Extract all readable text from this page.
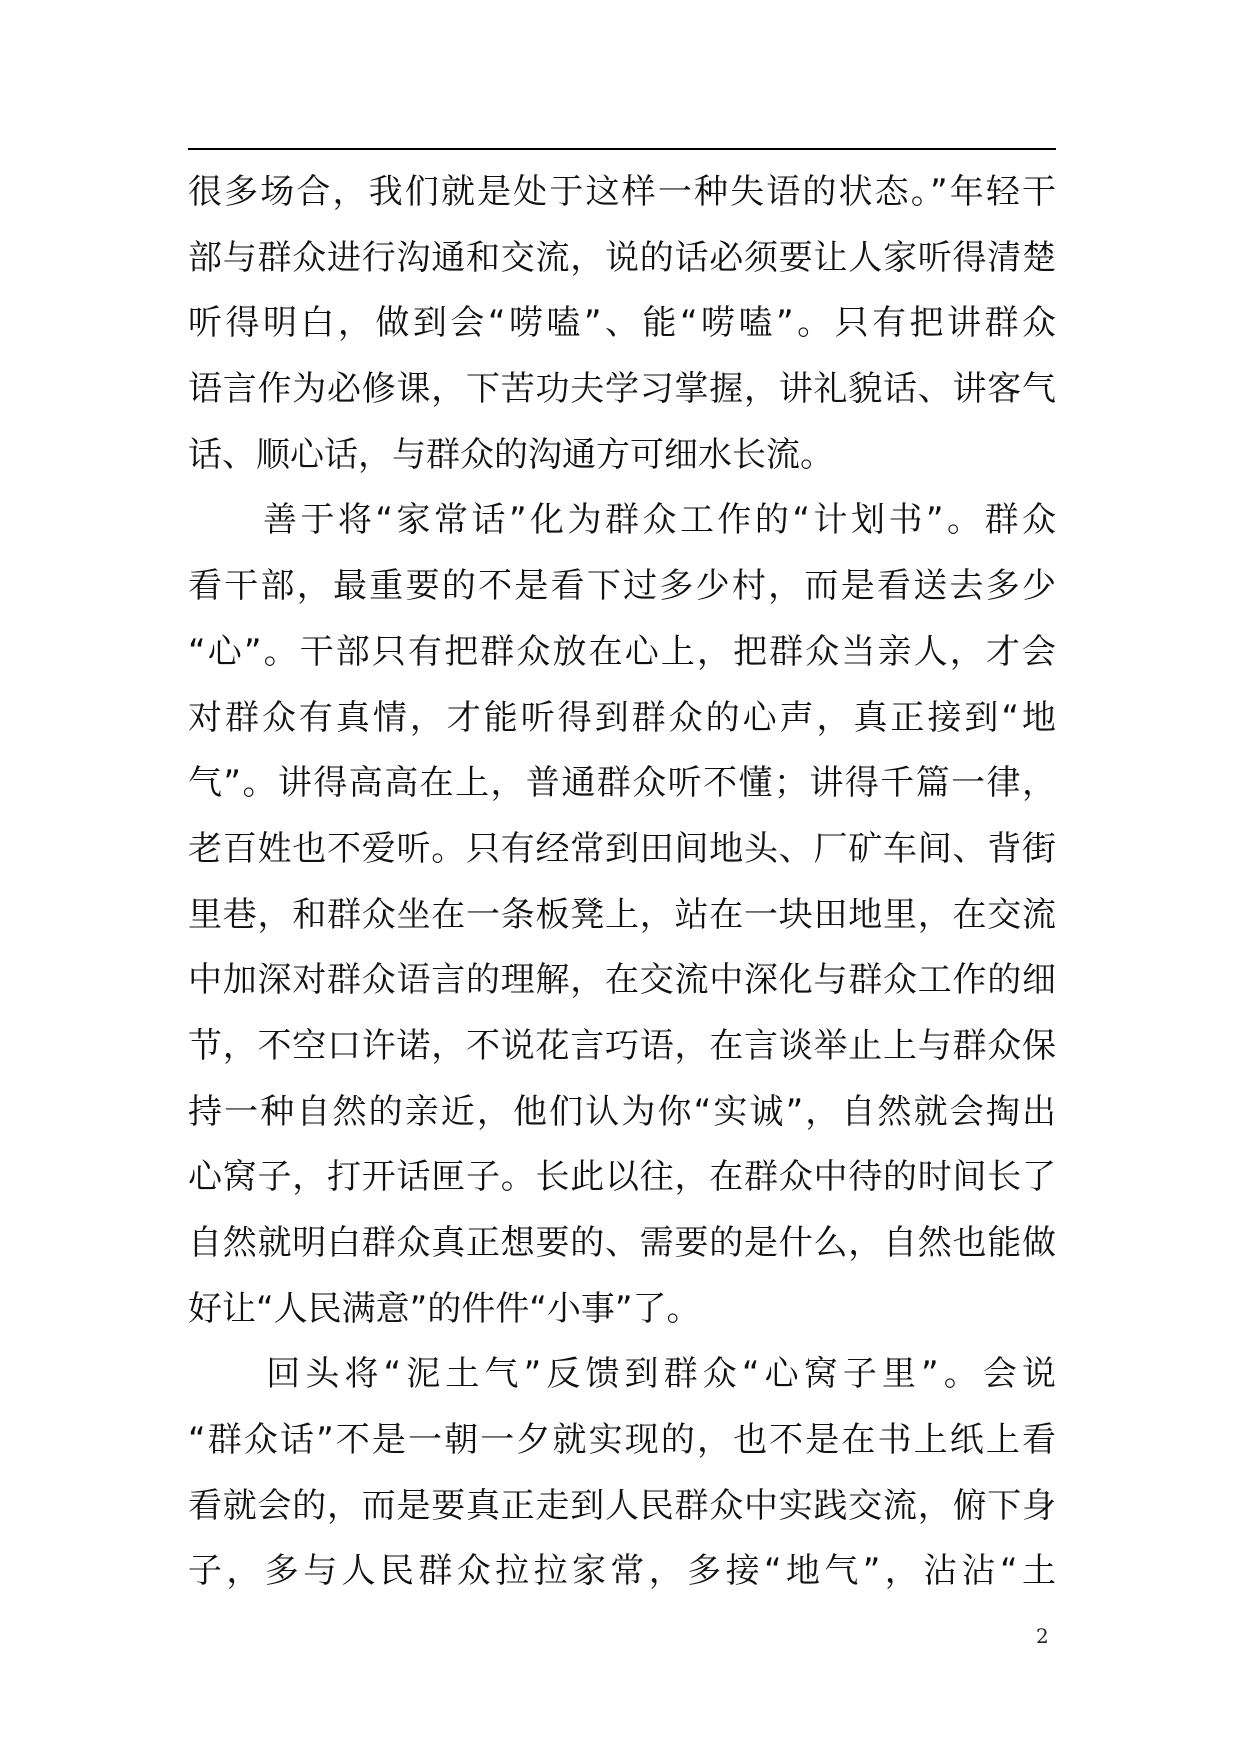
很多场合，我们就是处于这样一种失语的状态。”年轻干
部与群众进行沟通和交流，说的话必须要让人家听得清楚
听得明白，做到会“唠嗑”、能“唠嗑”。只有把讲群众
语言作为必修课，下苦功夫学习掌握，讲礼貌话、讲客气
话、顺心话，与群众的沟通方可细水长流。
　　善于将“家常话”化为群众工作的“计划书”。群众
看干部，最重要的不是看下过多少村，而是看送去多少
“心”。干部只有把群众放在心上，把群众当亲人，才会
对群众有真情，才能听得到群众的心声，真正接到“地
气”。讲得高高在上，普通群众听不懂；讲得千篇一律，
老百姓也不爱听。只有经常到田间地头、厂矿车间、背街
里巷，和群众坐在一条板凳上，站在一块田地里，在交流
中加深对群众语言的理解，在交流中深化与群众工作的细
节，不空口许诺，不说花言巧语，在言谈举止上与群众保
持一种自然的亲近，他们认为你“实诚”，自然就会掏出
心窝子，打开话匣子。长此以往，在群众中待的时间长了
自然就明白群众真正想要的、需要的是什么，自然也能做
好让“人民满意”的件件“小事”了。
　　回头将“泥土气”反馈到群众“心窝子里”。会说
“群众话”不是一朝一夕就实现的，也不是在书上纸上看
看就会的，而是要真正走到人民群众中实践交流，俯下身
子，多与人民群众拉拉家常，多接“地气”，沾沾“土
2
